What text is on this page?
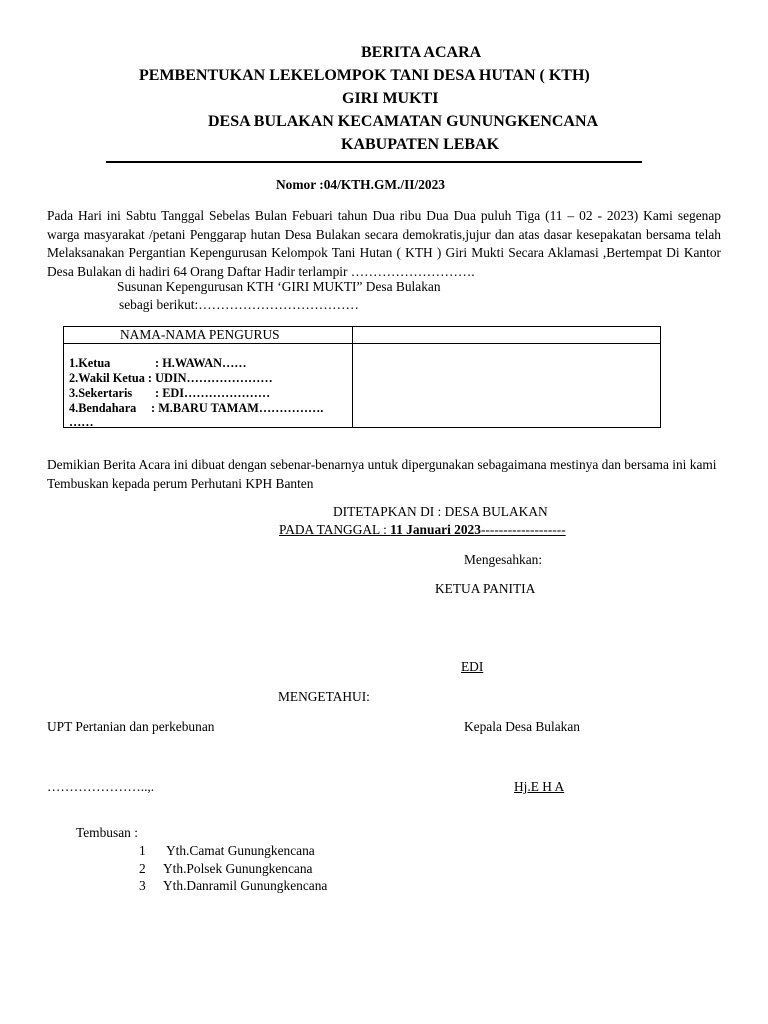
BERITA ACARA
PEMBENTUKAN LEKELOMPOK TANI DESA HUTAN ( KTH)
GIRI MUKTI
DESA BULAKAN KECAMATAN GUNUNGKENCANA
KABUPATEN LEBAK
Nomor :04/KTH.GM./II/2023
Pada Hari ini Sabtu Tanggal Sebelas Bulan Febuari tahun Dua ribu Dua Dua puluh Tiga (11 – 02 - 2023) Kami segenap warga masyarakat /petani Penggarap hutan Desa Bulakan secara demokratis,jujur dan atas dasar kesepakatan bersama telah Melaksanakan Pergantian Kepengurusan Kelompok Tani Hutan ( KTH ) Giri Mukti Secara Aklamasi ,Bertempat Di Kantor Desa Bulakan di hadiri 64 Orang Daftar Hadir terlampir ……………………….
Susunan Kepengurusan KTH ‘GIRI MUKTI” Desa Bulakan
sebagi berikut:………………………………
NAMA-NAMA PENGURUS	

1.Ketua : H.WAWAN……
2.Wakil Ketua : UDIN…………………
3.Sekertaris : EDI…………………
4.Bendahara : M.BARU TAMAM…………….
……	

Demikian Berita Acara ini dibuat dengan sebenar-benarnya untuk dipergunakan sebagaimana mestinya dan bersama ini kami Tembuskan kepada perum Perhutani KPH Banten
DITETAPKAN DI : DESA BULAKAN
PADA TANGGAL : 11 Januari 2023-------------------
Mengesahkan:
KETUA PANITIA
EDI
MENGETAHUI:
UPT Pertanian dan perkebunan	Kepala Desa Bulakan
…………………..,.	Hj.E H A
Tembusan :
1 Yth.Camat Gunungkencana
2 Yth.Polsek Gunungkencana
3 Yth.Danramil Gunungkencana
